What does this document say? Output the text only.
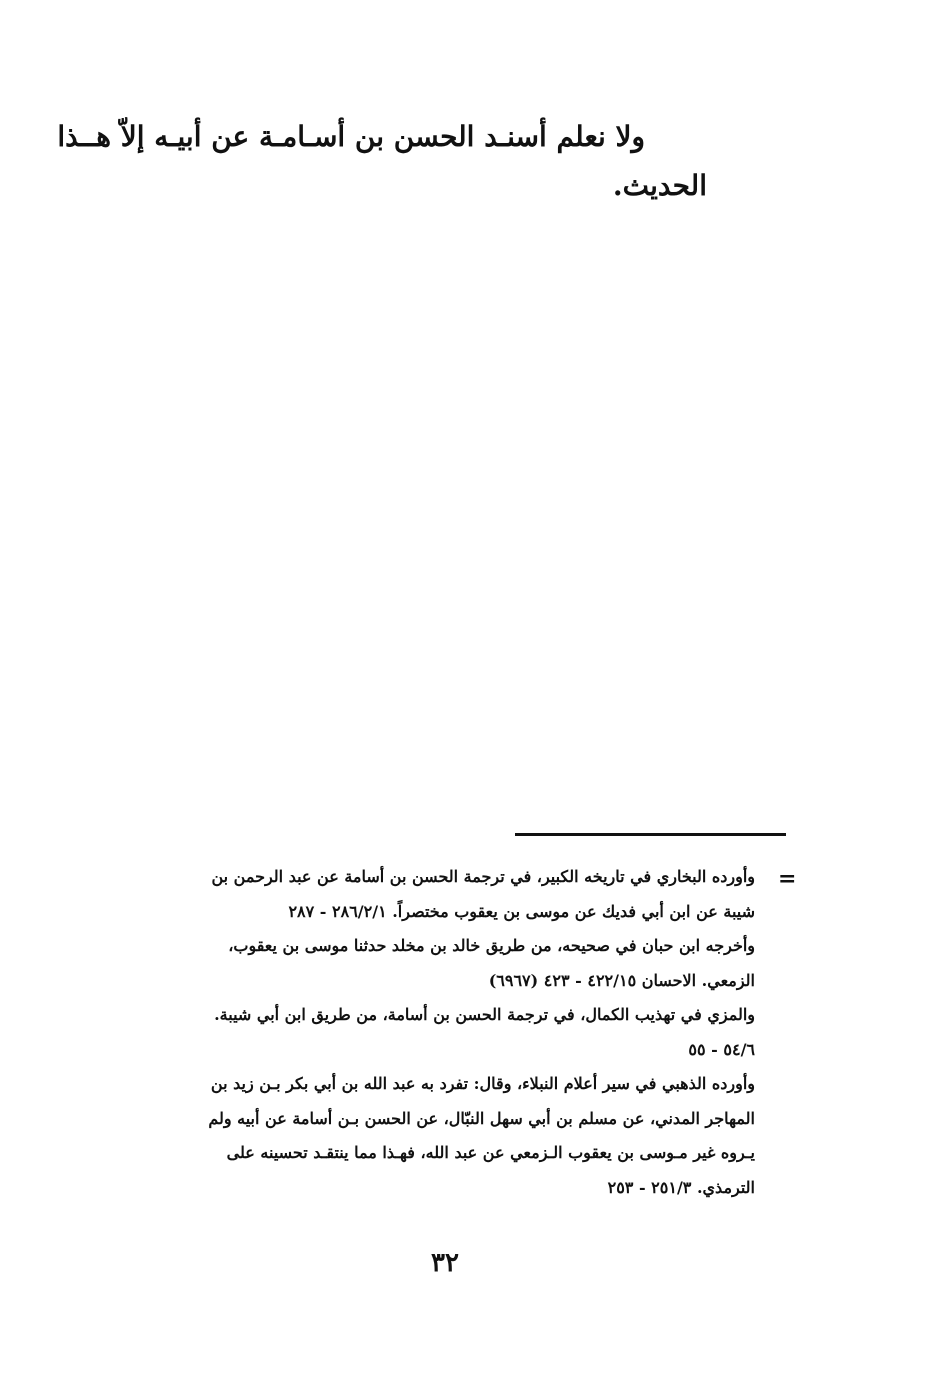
ولا نعلم أسنـد الحسن بن أسـامـة عن أبيـه إلاّ هــذا
الحديث.
=
وأورده البخاري في تاريخه الكبير، في ترجمة الحسن بن أسامة عن عبد الرحمن بن
شيبة عن ابن أبي فديك عن موسى بن يعقوب مختصراً. ٢٨٦/٢/١ - ٢٨٧
وأخرجه ابن حبان في صحيحه، من طريق خالد بن مخلد حدثنا موسى بن يعقوب،
الزمعي. الاحسان ٤٢٢/١٥ - ٤٢٣ (٦٩٦٧)
والمزي في تهذيب الكمال، في ترجمة الحسن بن أسامة، من طريق ابن أبي شيبة.
٥٤/٦ - ٥٥
وأورده الذهبي في سير أعلام النبلاء، وقال: تفرد به عبد الله بن أبي بكر بـن زيد بن
المهاجر المدني، عن مسلم بن أبي سهل النبّال، عن الحسن بـن أسامة عن أبيه ولم
يـروه غير مـوسى بن يعقوب الـزمعي عن عبد الله، فهـذا مما ينتقـد تحسينه على
الترمذي. ٢٥١/٣ - ٢٥٣
٣٢
